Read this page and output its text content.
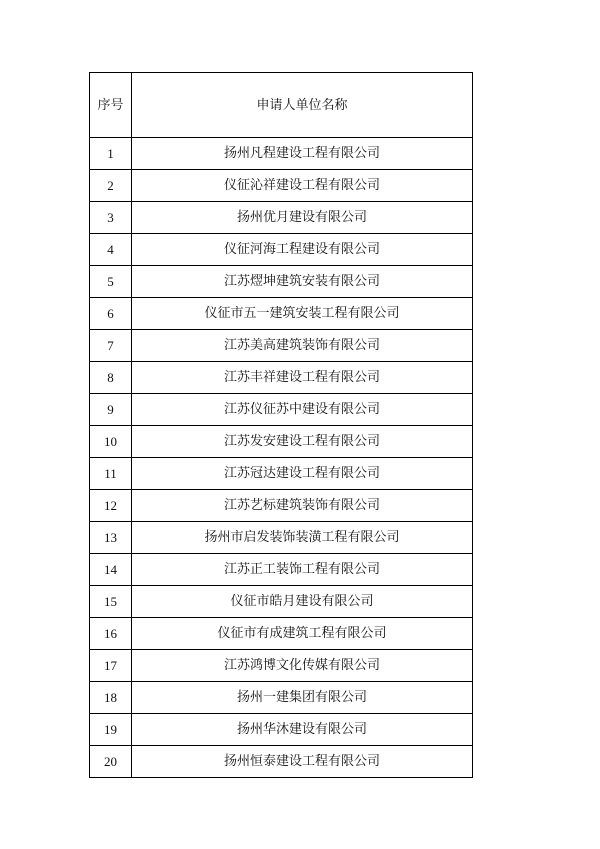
序号	申请人单位名称
1	扬州凡程建设工程有限公司
2	仪征沁祥建设工程有限公司
3	扬州优月建设有限公司
4	仪征河海工程建设有限公司
5	江苏熤坤建筑安装有限公司
6	仪征市五一建筑安装工程有限公司
7	江苏美高建筑装饰有限公司
8	江苏丰祥建设工程有限公司
9	江苏仪征苏中建设有限公司
10	江苏发安建设工程有限公司
11	江苏冠达建设工程有限公司
12	江苏艺标建筑装饰有限公司
13	扬州市启发装饰装潢工程有限公司
14	江苏正工装饰工程有限公司
15	仪征市皓月建设有限公司
16	仪征市有成建筑工程有限公司
17	江苏鸿博文化传媒有限公司
18	扬州一建集团有限公司
19	扬州华沐建设有限公司
20	扬州恒泰建设工程有限公司
